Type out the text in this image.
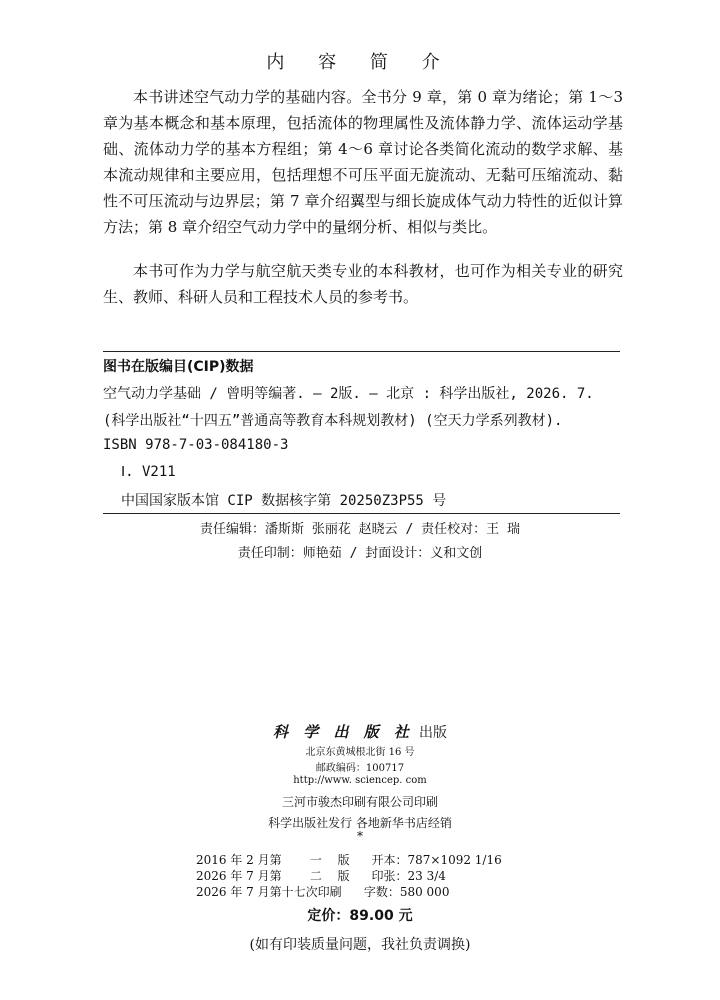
内 容 简 介

本书讲述空气动力学的基础内容。全书分 9 章，第 0 章为绪论；第 1～3 章为基本概念和基本原理，包括流体的物理属性及流体静力学、流体运动学基础、流体动力学的基本方程组；第 4～6 章讨论各类简化流动的数学求解、基本流动规律和主要应用，包括理想不可压平面无旋流动、无黏可压缩流动、黏性不可压流动与边界层；第 7 章介绍翼型与细长旋成体气动力特性的近似计算方法；第 8 章介绍空气动力学中的量纲分析、相似与类比。

本书可作为力学与航空航天类专业的本科教材，也可作为相关专业的研究生、教师、科研人员和工程技术人员的参考书。

图书在版编目(CIP)数据
空气动力学基础 / 曾明等编著. — 2版. — 北京 : 科学出版社, 2026. 7.
(科学出版社“十四五”普通高等教育本科规划教材) (空天力学系列教材).
ISBN 978-7-03-084180-3
Ⅰ. V211
中国国家版本馆 CIP 数据核字第 20250Z3P55 号
责任编辑：潘斯斯 张丽花 赵晓云 / 责任校对：王 瑞
责任印制：师艳茹 / 封面设计：义和文创
科 学 出 版 社 出版
北京东黄城根北街 16 号
邮政编码：100717
http://www. sciencep. com
三河市骏杰印刷有限公司印刷
科学出版社发行 各地新华书店经销
*
2016 年 2 月第 一 版 开本：787×1092 1/16
2026 年 7 月第 二 版 印张：23 3/4
2026 年 7 月第十七次印刷 字数：580 000
定价：89.00 元
(如有印装质量问题，我社负责调换)
